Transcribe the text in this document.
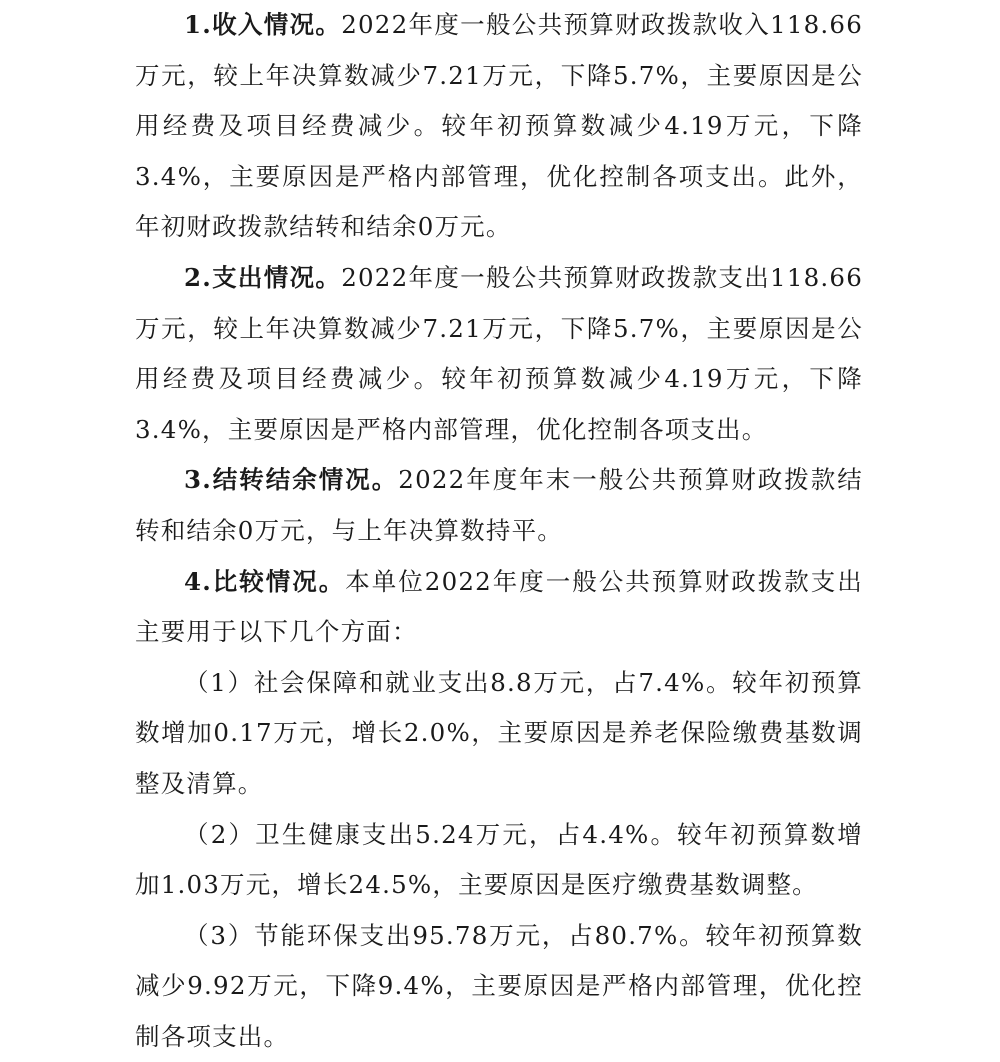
1.收入情况。2022年度一般公共预算财政拨款收入118.66万元，较上年决算数减少7.21万元，下降5.7%，主要原因是公用经费及项目经费减少。较年初预算数减少4.19万元，下降3.4%，主要原因是严格内部管理，优化控制各项支出。此外，年初财政拨款结转和结余0万元。

2.支出情况。2022年度一般公共预算财政拨款支出118.66万元，较上年决算数减少7.21万元，下降5.7%，主要原因是公用经费及项目经费减少。较年初预算数减少4.19万元，下降3.4%，主要原因是严格内部管理，优化控制各项支出。

3.结转结余情况。2022年度年末一般公共预算财政拨款结转和结余0万元，与上年决算数持平。

4.比较情况。本单位2022年度一般公共预算财政拨款支出主要用于以下几个方面：

（1）社会保障和就业支出8.8万元，占7.4%。较年初预算数增加0.17万元，增长2.0%，主要原因是养老保险缴费基数调整及清算。

（2）卫生健康支出5.24万元，占4.4%。较年初预算数增加1.03万元，增长24.5%，主要原因是医疗缴费基数调整。

（3）节能环保支出95.78万元，占80.7%。较年初预算数减少9.92万元，下降9.4%，主要原因是严格内部管理，优化控制各项支出。
